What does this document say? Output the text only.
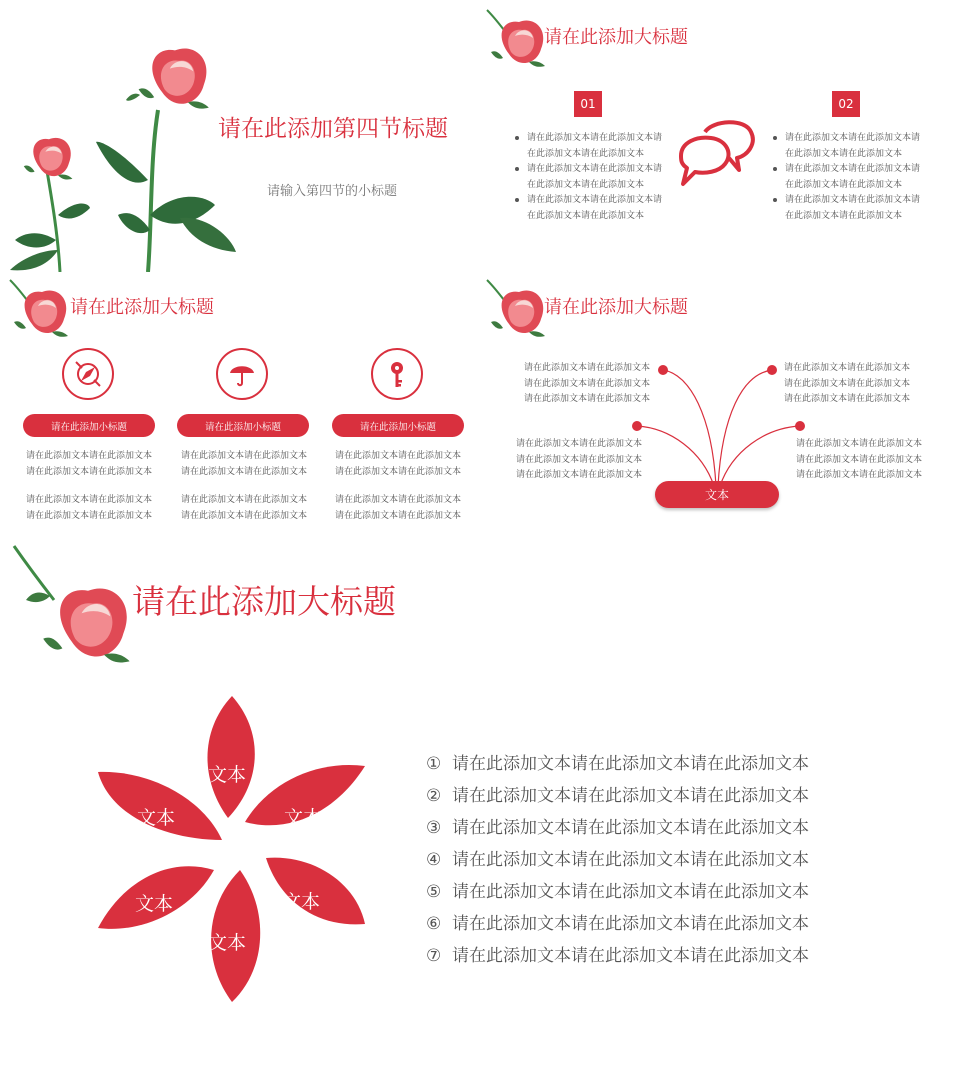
请在此添加第四节标题
请输入第四节的小标题
请在此添加大标题
01
请在此添加文本请在此添加文本请
在此添加文本请在此添加文本
请在此添加文本请在此添加文本请
在此添加文本请在此添加文本
请在此添加文本请在此添加文本请
在此添加文本请在此添加文本
02
请在此添加文本请在此添加文本请
在此添加文本请在此添加文本
请在此添加文本请在此添加文本请
在此添加文本请在此添加文本
请在此添加文本请在此添加文本请
在此添加文本请在此添加文本
请在此添加大标题
请在此添加小标题
请在此添加文本请在此添加文本
请在此添加文本请在此添加文本
请在此添加文本请在此添加文本
请在此添加文本请在此添加文本
请在此添加小标题
请在此添加文本请在此添加文本
请在此添加文本请在此添加文本
请在此添加文本请在此添加文本
请在此添加文本请在此添加文本
请在此添加小标题
请在此添加文本请在此添加文本
请在此添加文本请在此添加文本
请在此添加文本请在此添加文本
请在此添加文本请在此添加文本
请在此添加大标题
请在此添加文本请在此添加文本
请在此添加文本请在此添加文本
请在此添加文本请在此添加文本
请在此添加文本请在此添加文本
请在此添加文本请在此添加文本
请在此添加文本请在此添加文本
请在此添加文本请在此添加文本
请在此添加文本请在此添加文本
请在此添加文本请在此添加文本
请在此添加文本请在此添加文本
请在此添加文本请在此添加文本
请在此添加文本请在此添加文本
文本
请在此添加大标题
文本
文本
文本
文本
文本
文本
① 请在此添加文本请在此添加文本请在此添加文本
② 请在此添加文本请在此添加文本请在此添加文本
③ 请在此添加文本请在此添加文本请在此添加文本
④ 请在此添加文本请在此添加文本请在此添加文本
⑤ 请在此添加文本请在此添加文本请在此添加文本
⑥ 请在此添加文本请在此添加文本请在此添加文本
⑦ 请在此添加文本请在此添加文本请在此添加文本
